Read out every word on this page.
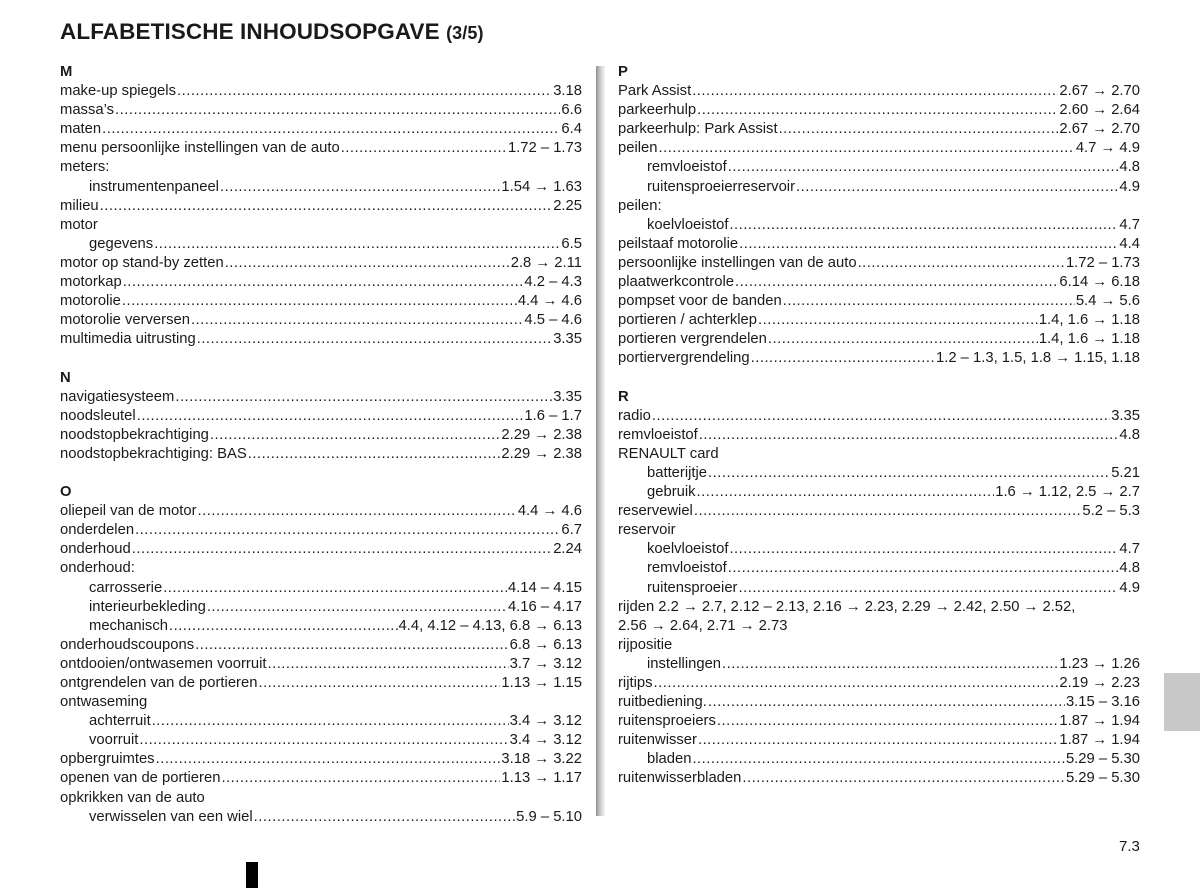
ALFABETISCHE INHOUDSOPGAVE (3/5)
M
make-up spiegels .....	3.18
massa’s .....	6.6
maten .....	6.4
menu persoonlijke instellingen van de auto .....	1.72 – 1.73
meters:
instrumentenpaneel .....	1.54 → 1.63
milieu .....	2.25
motor
gegevens .....	6.5
motor op stand-by zetten .....	2.8 → 2.11
motorkap .....	4.2 – 4.3
motorolie .....	4.4 → 4.6
motorolie verversen .....	4.5 – 4.6
multimedia uitrusting .....	3.35
N
navigatiesysteem .....	3.35
noodsleutel .....	1.6 – 1.7
noodstopbekrachtiging .....	2.29 → 2.38
noodstopbekrachtiging: BAS .....	2.29 → 2.38
O
oliepeil van de motor .....	4.4 → 4.6
onderdelen .....	6.7
onderhoud .....	2.24
onderhoud:
carrosserie .....	4.14 – 4.15
interieurbekleding .....	4.16 – 4.17
mechanisch .....	4.4, 4.12 – 4.13, 6.8 → 6.13
onderhoudscoupons .....	6.8 → 6.13
ontdooien/ontwasemen voorruit .....	3.7 → 3.12
ontgrendelen van de portieren .....	1.13 → 1.15
ontwaseming
achterruit .....	3.4 → 3.12
voorruit .....	3.4 → 3.12
opbergruimtes .....	3.18 → 3.22
openen van de portieren .....	1.13 → 1.17
opkrikken van de auto
verwisselen van een wiel .....	5.9 – 5.10
P
Park Assist .....	2.67 → 2.70
parkeerhulp .....	2.60 → 2.64
parkeerhulp: Park Assist .....	2.67 → 2.70
peilen .....	4.7 → 4.9
remvloeistof .....	4.8
ruitensproeierreservoir .....	4.9
peilen:
koelvloeistof .....	4.7
peilstaaf motorolie .....	4.4
persoonlijke instellingen van de auto .....	1.72 – 1.73
plaatwerkcontrole .....	6.14 → 6.18
pompset voor de banden .....	5.4 → 5.6
portieren / achterklep .....	1.4, 1.6 → 1.18
portieren vergrendelen .....	1.4, 1.6 → 1.18
portiervergrendeling .....	1.2 – 1.3, 1.5, 1.8 → 1.15, 1.18
R
radio .....	3.35
remvloeistof .....	4.8
RENAULT card
batterijtje .....	5.21
gebruik .....	1.6 → 1.12, 2.5 → 2.7
reservewiel .....	5.2 – 5.3
reservoir
koelvloeistof .....	4.7
remvloeistof .....	4.8
ruitensproeier .....	4.9
rijden 2.2 → 2.7, 2.12 – 2.13, 2.16 → 2.23, 2.29 → 2.42, 2.50 → 2.52,
2.56 → 2.64, 2.71 → 2.73
rijpositie
instellingen .....	1.23 → 1.26
rijtips .....	2.19 → 2.23
ruitbediening. .....	3.15 – 3.16
ruitensproeiers .....	1.87 → 1.94
ruitenwisser .....	1.87 → 1.94
bladen .....	5.29 – 5.30
ruitenwisserbladen .....	5.29 – 5.30
7.3
